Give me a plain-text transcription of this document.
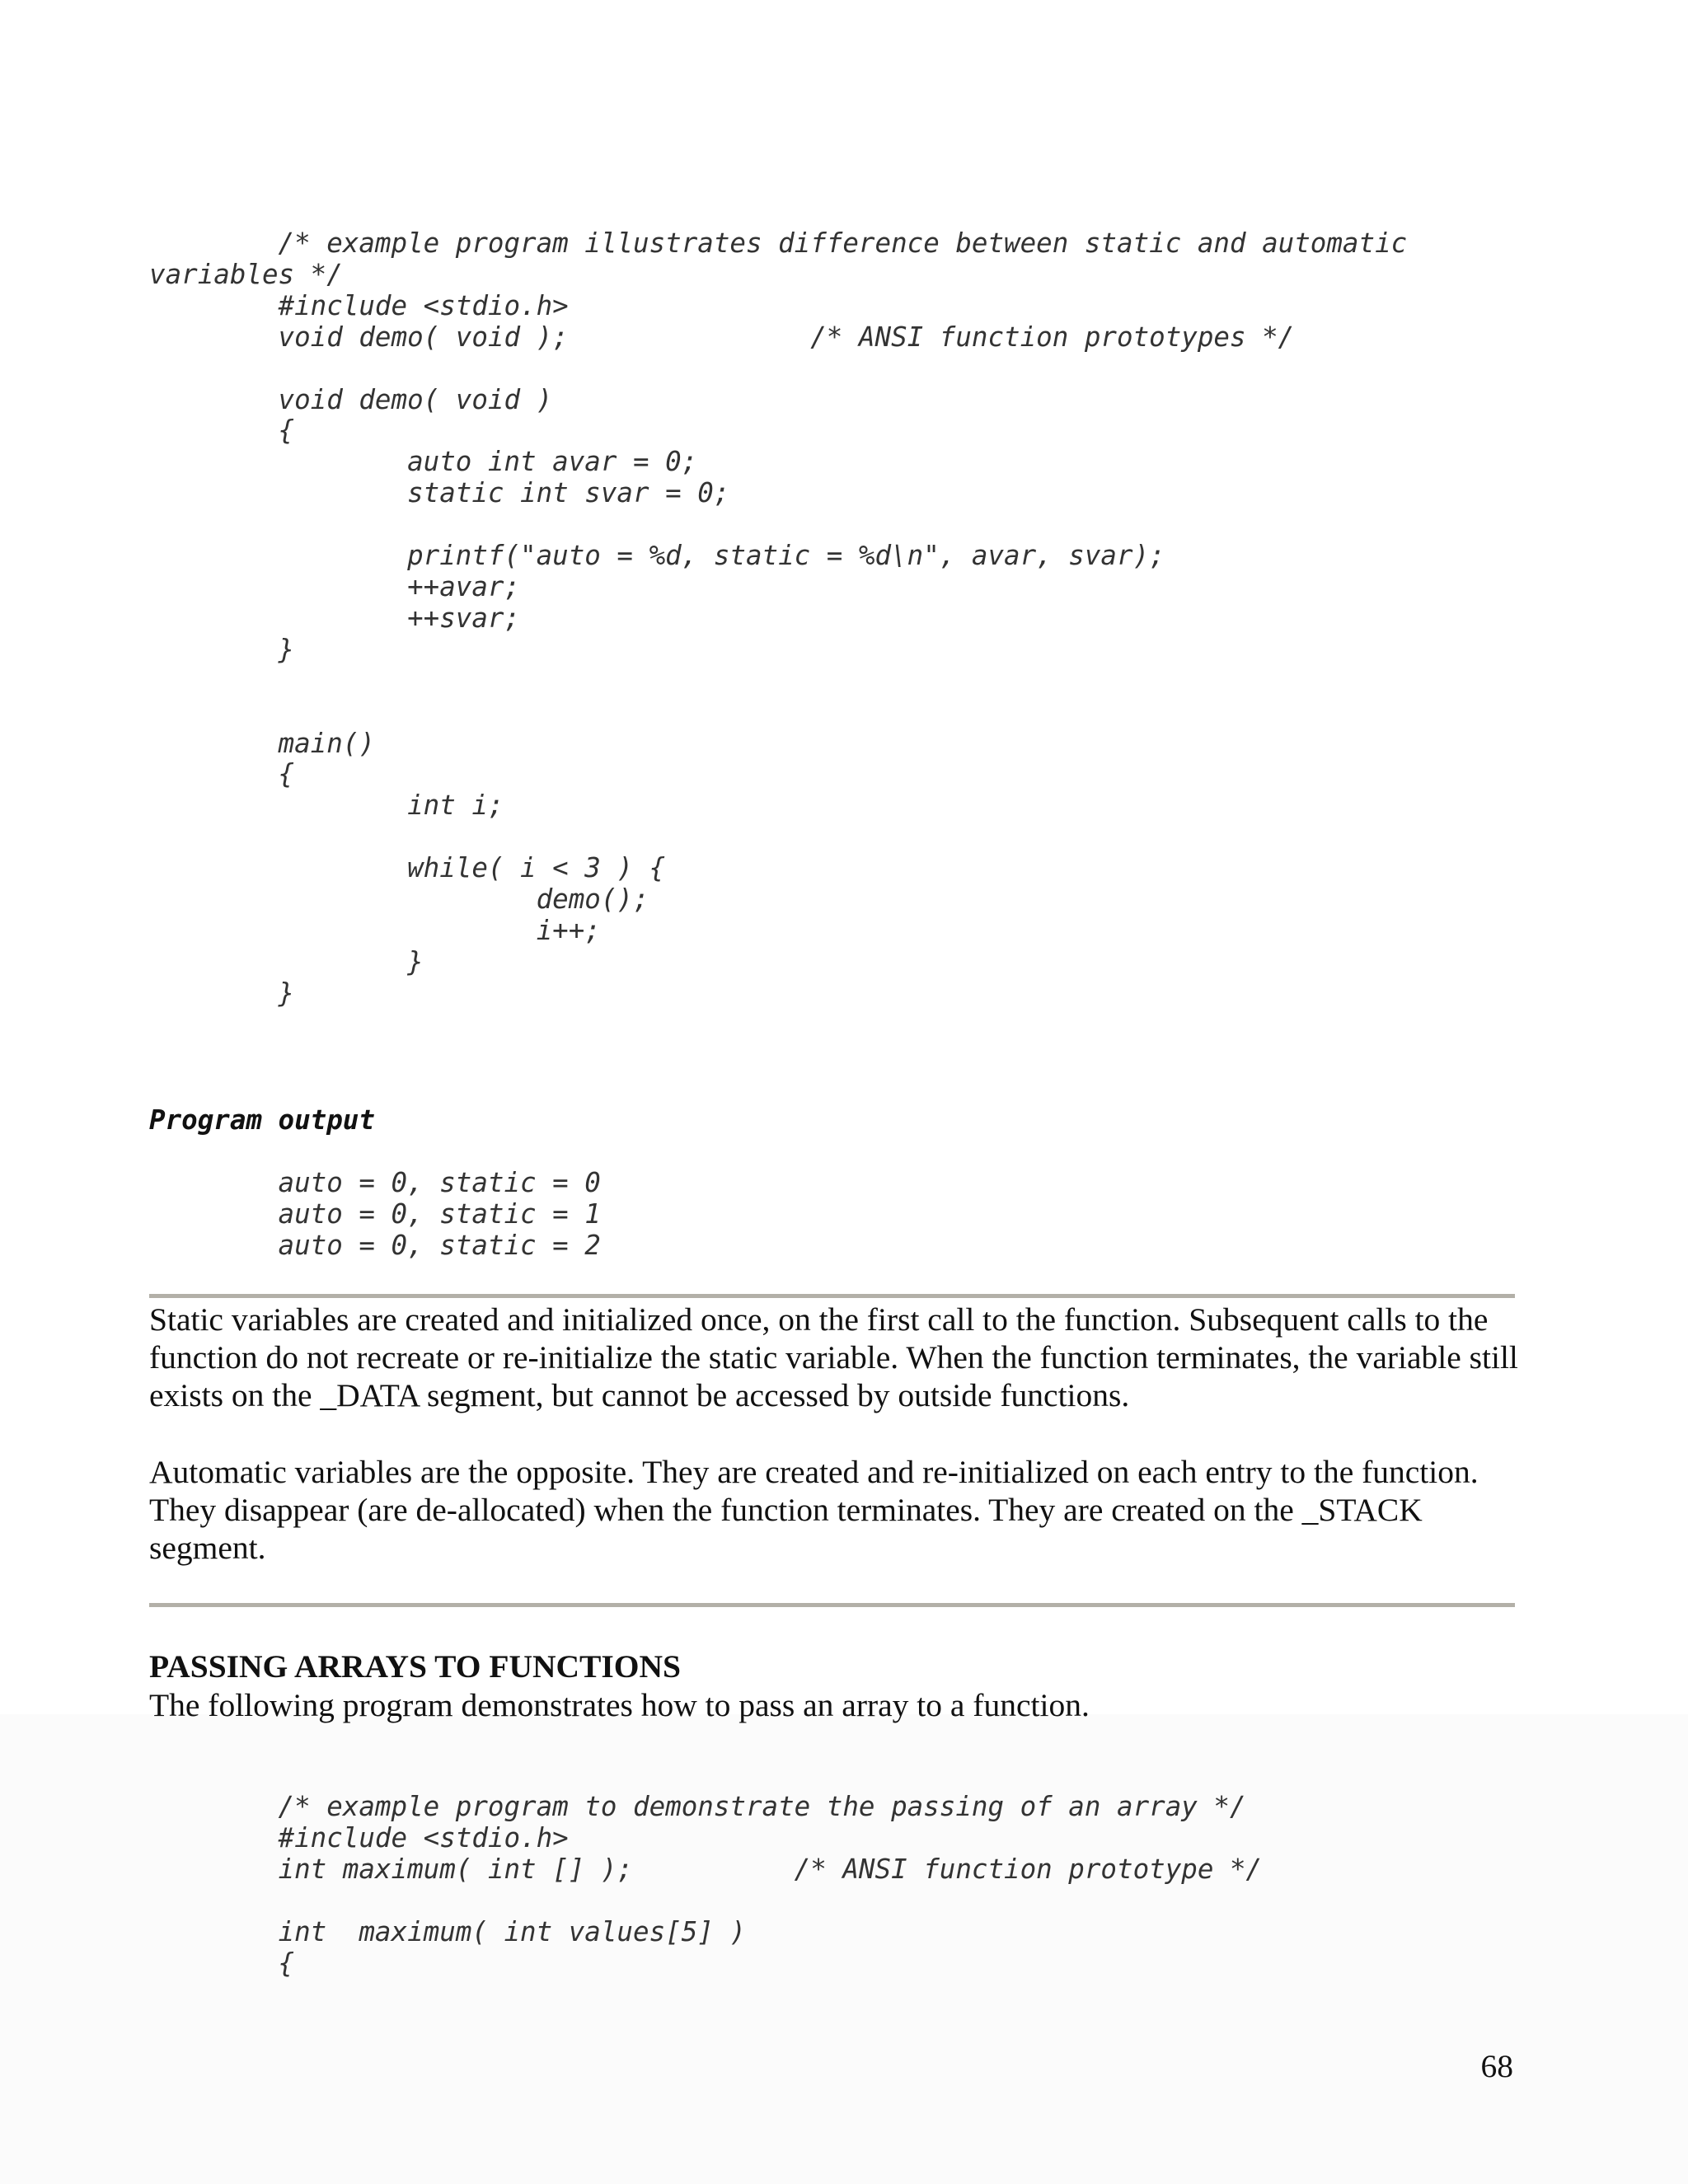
/* example program illustrates difference between static and automatic
variables */
#include <stdio.h>
void demo( void );               /* ANSI function prototypes */

void demo( void )
{
auto int avar = 0;
static int svar = 0;

printf("auto = %d, static = %d\n", avar, svar);
++avar;
++svar;
}

main()
{
int i;

while( i < 3 ) {
demo();
i++;
}
}
Program output
auto = 0, static = 0
auto = 0, static = 1
auto = 0, static = 2

Static variables are created and initialized once, on the first call to the function. Subsequent calls to the function do not recreate or re-initialize the static variable. When the function terminates, the variable still exists on the _DATA segment, but cannot be accessed by outside functions.

Automatic variables are the opposite. They are created and re-initialized on each entry to the function. They disappear (are de-allocated) when the function terminates. They are created on the _STACK segment.

PASSING ARRAYS TO FUNCTIONS

The following program demonstrates how to pass an array to a function.

/* example program to demonstrate the passing of an array */
#include <stdio.h>
int maximum( int [] );          /* ANSI function prototype */

int  maximum( int values[5] )
{
68
